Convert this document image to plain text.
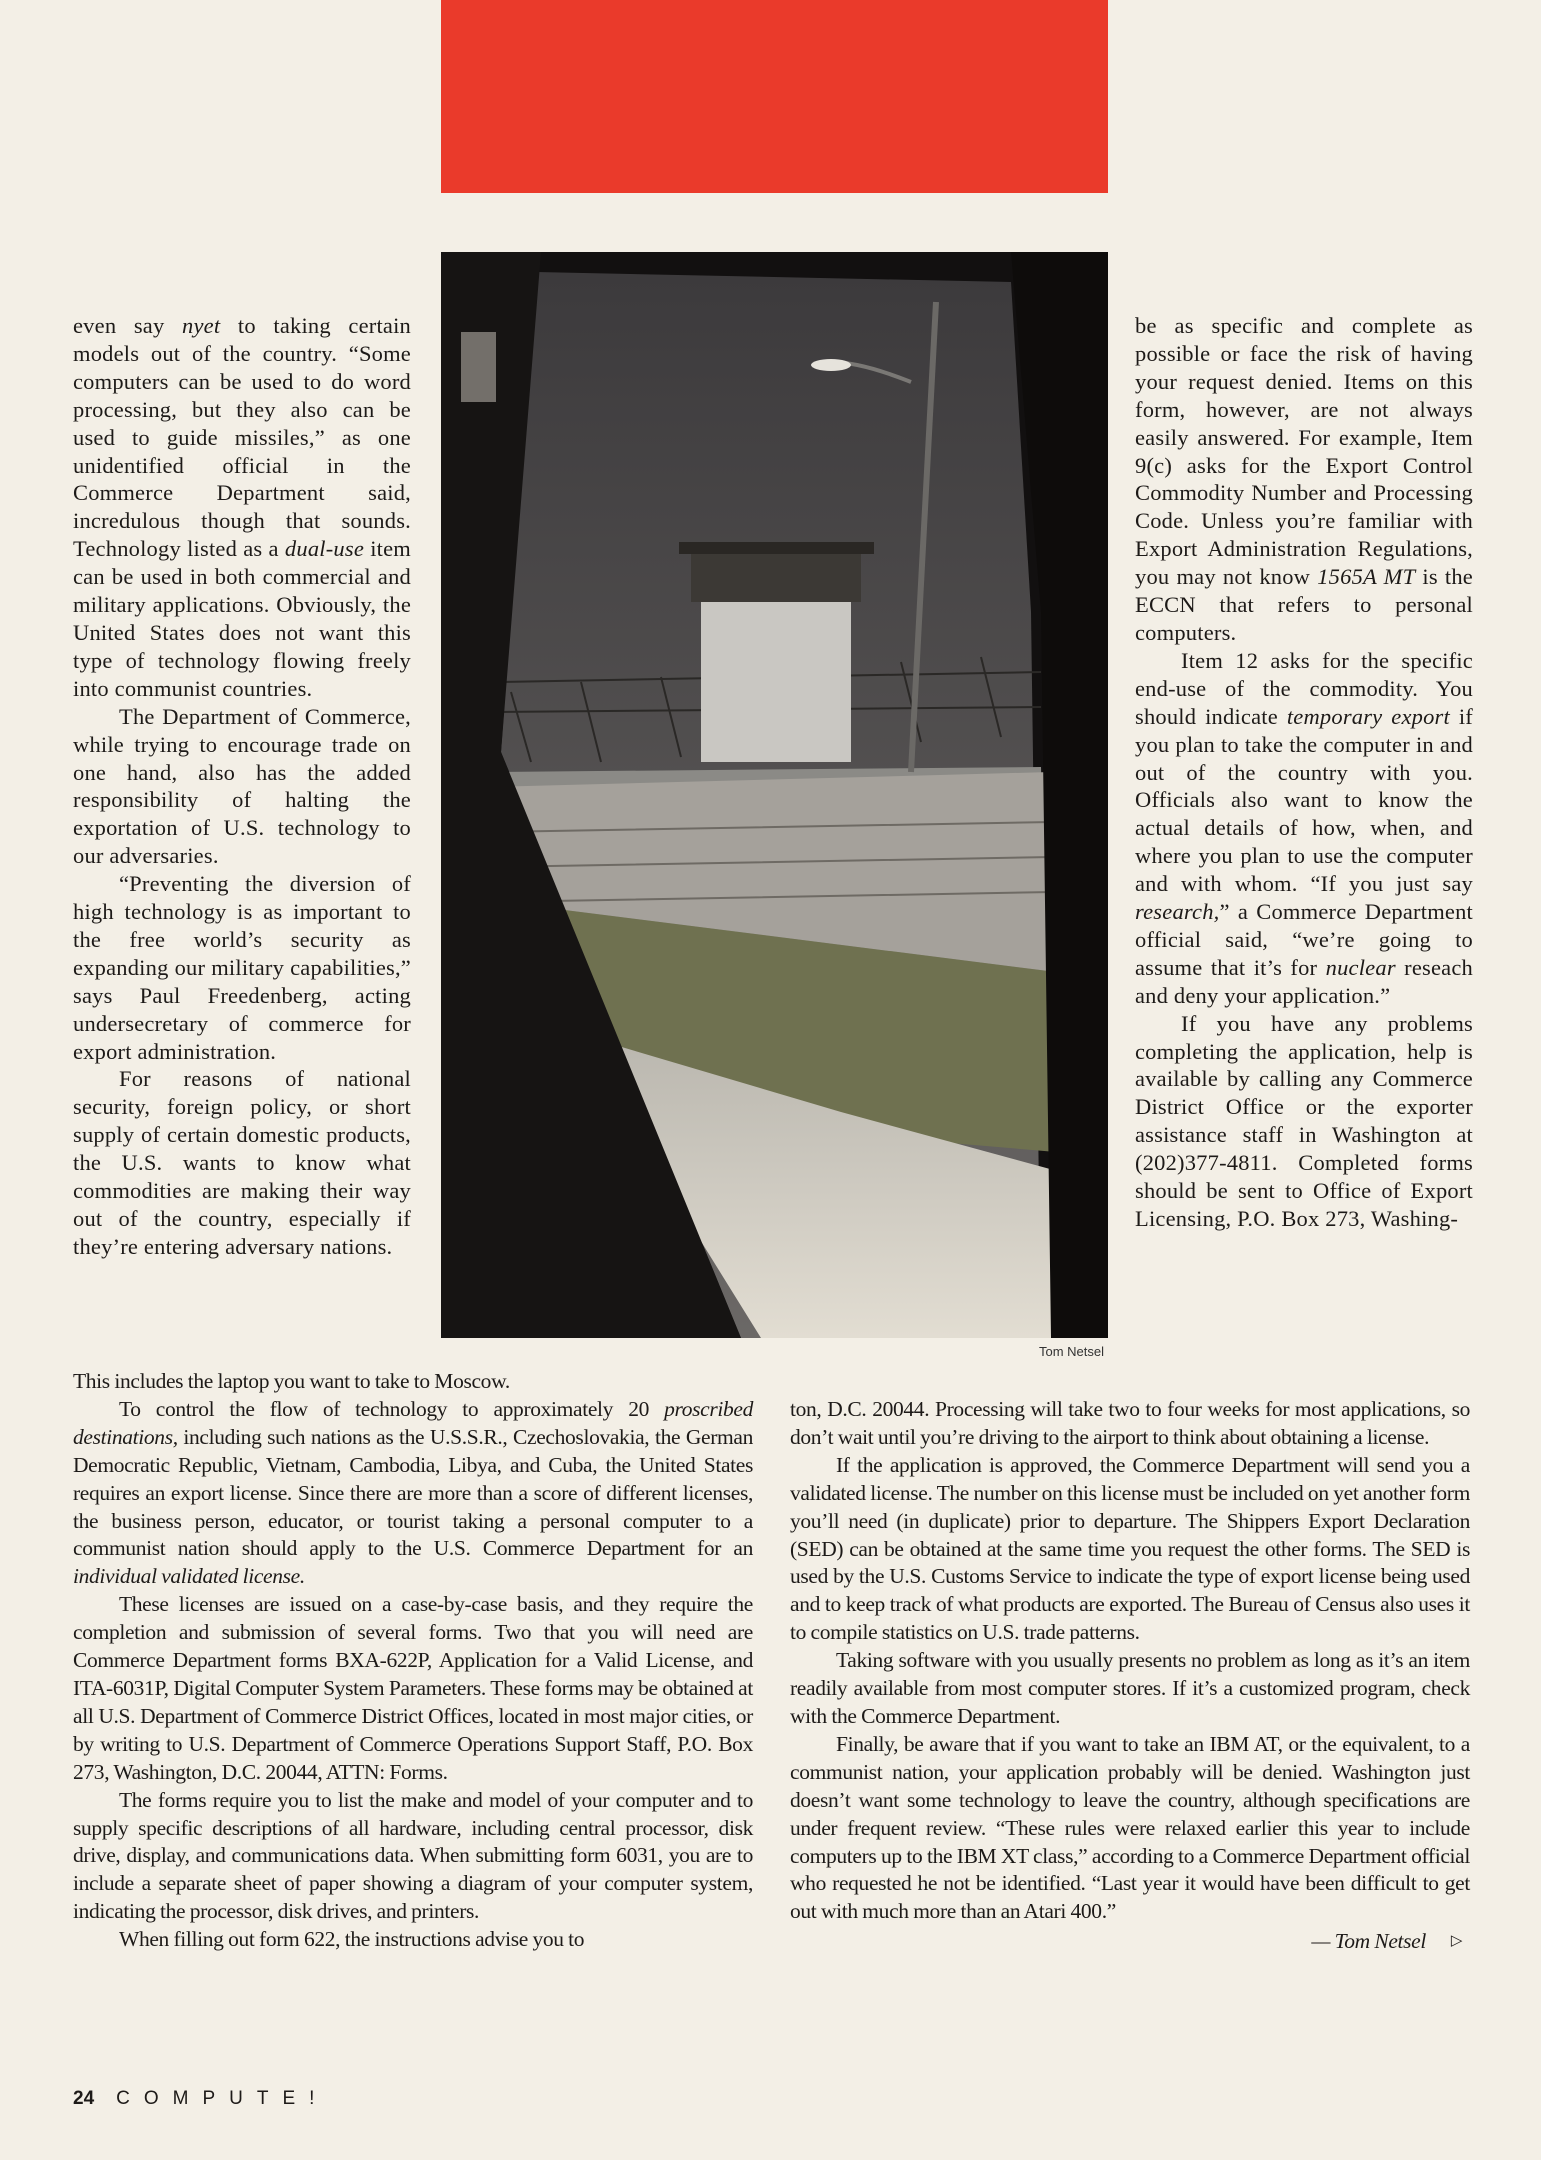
Tom Netsel

even say nyet to taking certain models out of the country. “Some computers can be used to do word processing, but they also can be used to guide missiles,” as one unidentified official in the Commerce Department said, incredulous though that sounds. Technology listed as a dual-use item can be used in both commercial and military applications. Obviously, the United States does not want this type of technology flowing freely into communist countries.

The Department of Commerce, while trying to encourage trade on one hand, also has the added responsibility of halting the exportation of U.S. technology to our adversaries.

“Preventing the diversion of high technology is as important to the free world’s security as expanding our military capabilities,” says Paul Freedenberg, acting undersecretary of commerce for export administration.

For reasons of national security, foreign policy, or short supply of certain domestic products, the U.S. wants to know what commodities are making their way out of the country, especially if they’re entering adversary nations.

be as specific and complete as possible or face the risk of having your request denied. Items on this form, however, are not always easily answered. For example, Item 9(c) asks for the Export Control Commodity Number and Processing Code. Unless you’re familiar with Export Administration Regulations, you may not know 1565A MT is the ECCN that refers to personal computers.

Item 12 asks for the specific end-use of the commodity. You should indicate temporary export if you plan to take the computer in and out of the country with you. Officials also want to know the actual details of how, when, and where you plan to use the computer and with whom. “If you just say research,” a Commerce Department official said, “we’re going to assume that it’s for nuclear reseach and deny your application.”

If you have any problems completing the application, help is available by calling any Commerce District Office or the exporter assistance staff in Washington at (202)377-4811. Completed forms should be sent to Office of Export Licensing, P.O. Box 273, Washing-

This includes the laptop you want to take to Moscow.

To control the flow of technology to approximately 20 proscribed destinations, including such nations as the U.S.S.R., Czechoslovakia, the German Democratic Republic, Vietnam, Cambodia, Libya, and Cuba, the United States requires an export license. Since there are more than a score of different licenses, the business person, educator, or tourist taking a personal computer to a communist nation should apply to the U.S. Commerce Department for an individual validated license.

These licenses are issued on a case-by-case basis, and they require the completion and submission of several forms. Two that you will need are Commerce Department forms BXA-622P, Application for a Valid License, and ITA-6031P, Digital Computer System Parameters. These forms may be obtained at all U.S. Department of Commerce District Offices, located in most major cities, or by writing to U.S. Department of Commerce Operations Support Staff, P.O. Box 273, Washington, D.C. 20044, ATTN: Forms.

The forms require you to list the make and model of your computer and to supply specific descriptions of all hardware, including central processor, disk drive, display, and communications data. When submitting form 6031, you are to include a separate sheet of paper showing a diagram of your computer system, indicating the processor, disk drives, and printers.

When filling out form 622, the instructions advise you to

ton, D.C. 20044. Processing will take two to four weeks for most applications, so don’t wait until you’re driving to the airport to think about obtaining a license.

If the application is approved, the Commerce Department will send you a validated license. The number on this license must be included on yet another form you’ll need (in duplicate) prior to departure. The Shippers Export Declaration (SED) can be obtained at the same time you request the other forms. The SED is used by the U.S. Customs Service to indicate the type of export license being used and to keep track of what products are exported. The Bureau of Census also uses it to compile statistics on U.S. trade patterns.

Taking software with you usually presents no problem as long as it’s an item readily available from most computer stores. If it’s a customized program, check with the Commerce Department.

Finally, be aware that if you want to take an IBM AT, or the equivalent, to a communist nation, your application probably will be denied. Washington just doesn’t want some technology to leave the country, although specifications are under frequent review. “These rules were relaxed earlier this year to include computers up to the IBM XT class,” according to a Commerce Department official who requested he not be identified. “Last year it would have been difficult to get out with much more than an Atari 400.”

— Tom Netsel ▷
24 COMPUTE!
